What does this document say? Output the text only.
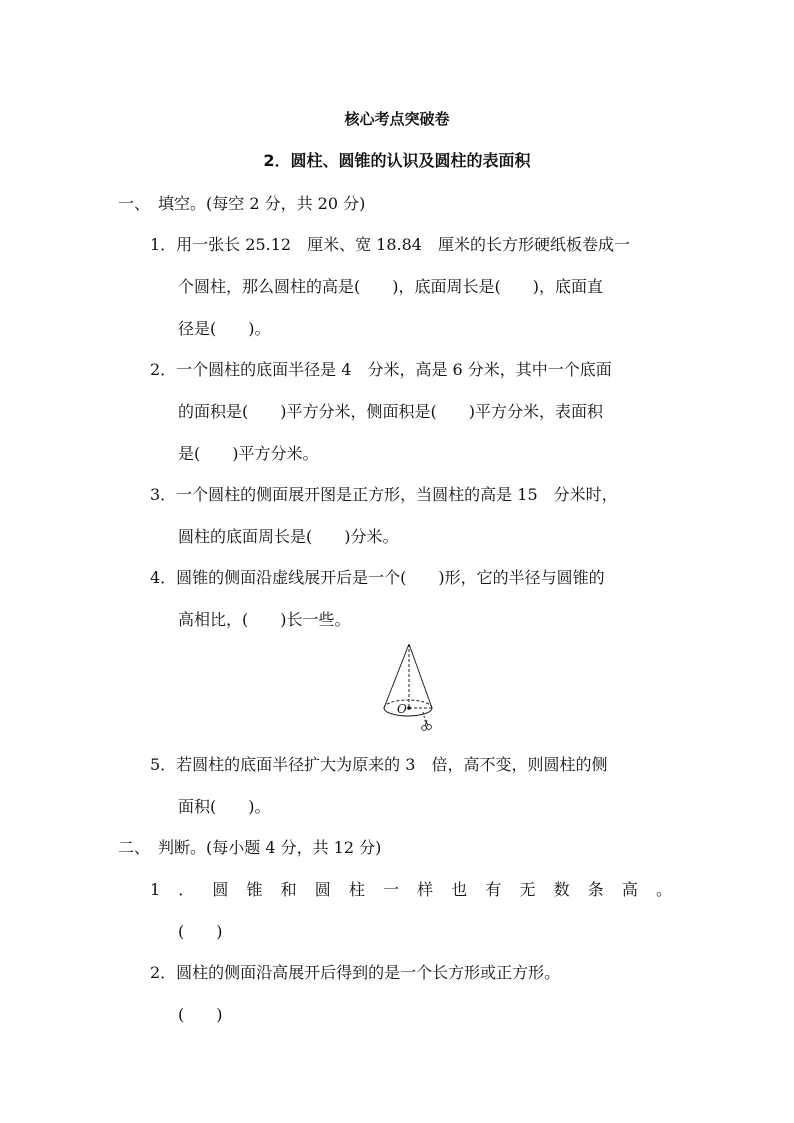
核心考点突破卷
2．圆柱、圆锥的认识及圆柱的表面积
一、　填空。(每空 2 分，共 20 分)
1．用一张长 25.12　厘米、宽 18.84　厘米的长方形硬纸板卷成一
个圆柱，那么圆柱的高是(　　)，底面周长是(　　)，底面直
径是(　　)。
2．一个圆柱的底面半径是 4　分米，高是 6 分米，其中一个底面
的面积是(　　)平方分米，侧面积是(　　)平方分米，表面积
是(　　)平方分米。
3．一个圆柱的侧面展开图是正方形，当圆柱的高是 15　分米时，
圆柱的底面周长是(　　)分米。
4．圆锥的侧面沿虚线展开后是一个(　　)形，它的半径与圆锥的
高相比，(　　)长一些。
O
5．若圆柱的底面半径扩大为原来的 3　倍，高不变，则圆柱的侧
面积(　　)。
二、　判断。(每小题 4 分，共 12 分)
1．圆锥和圆柱一样也有无数条高。
(　　)
2．圆柱的侧面沿高展开后得到的是一个长方形或正方形。
(　　)
